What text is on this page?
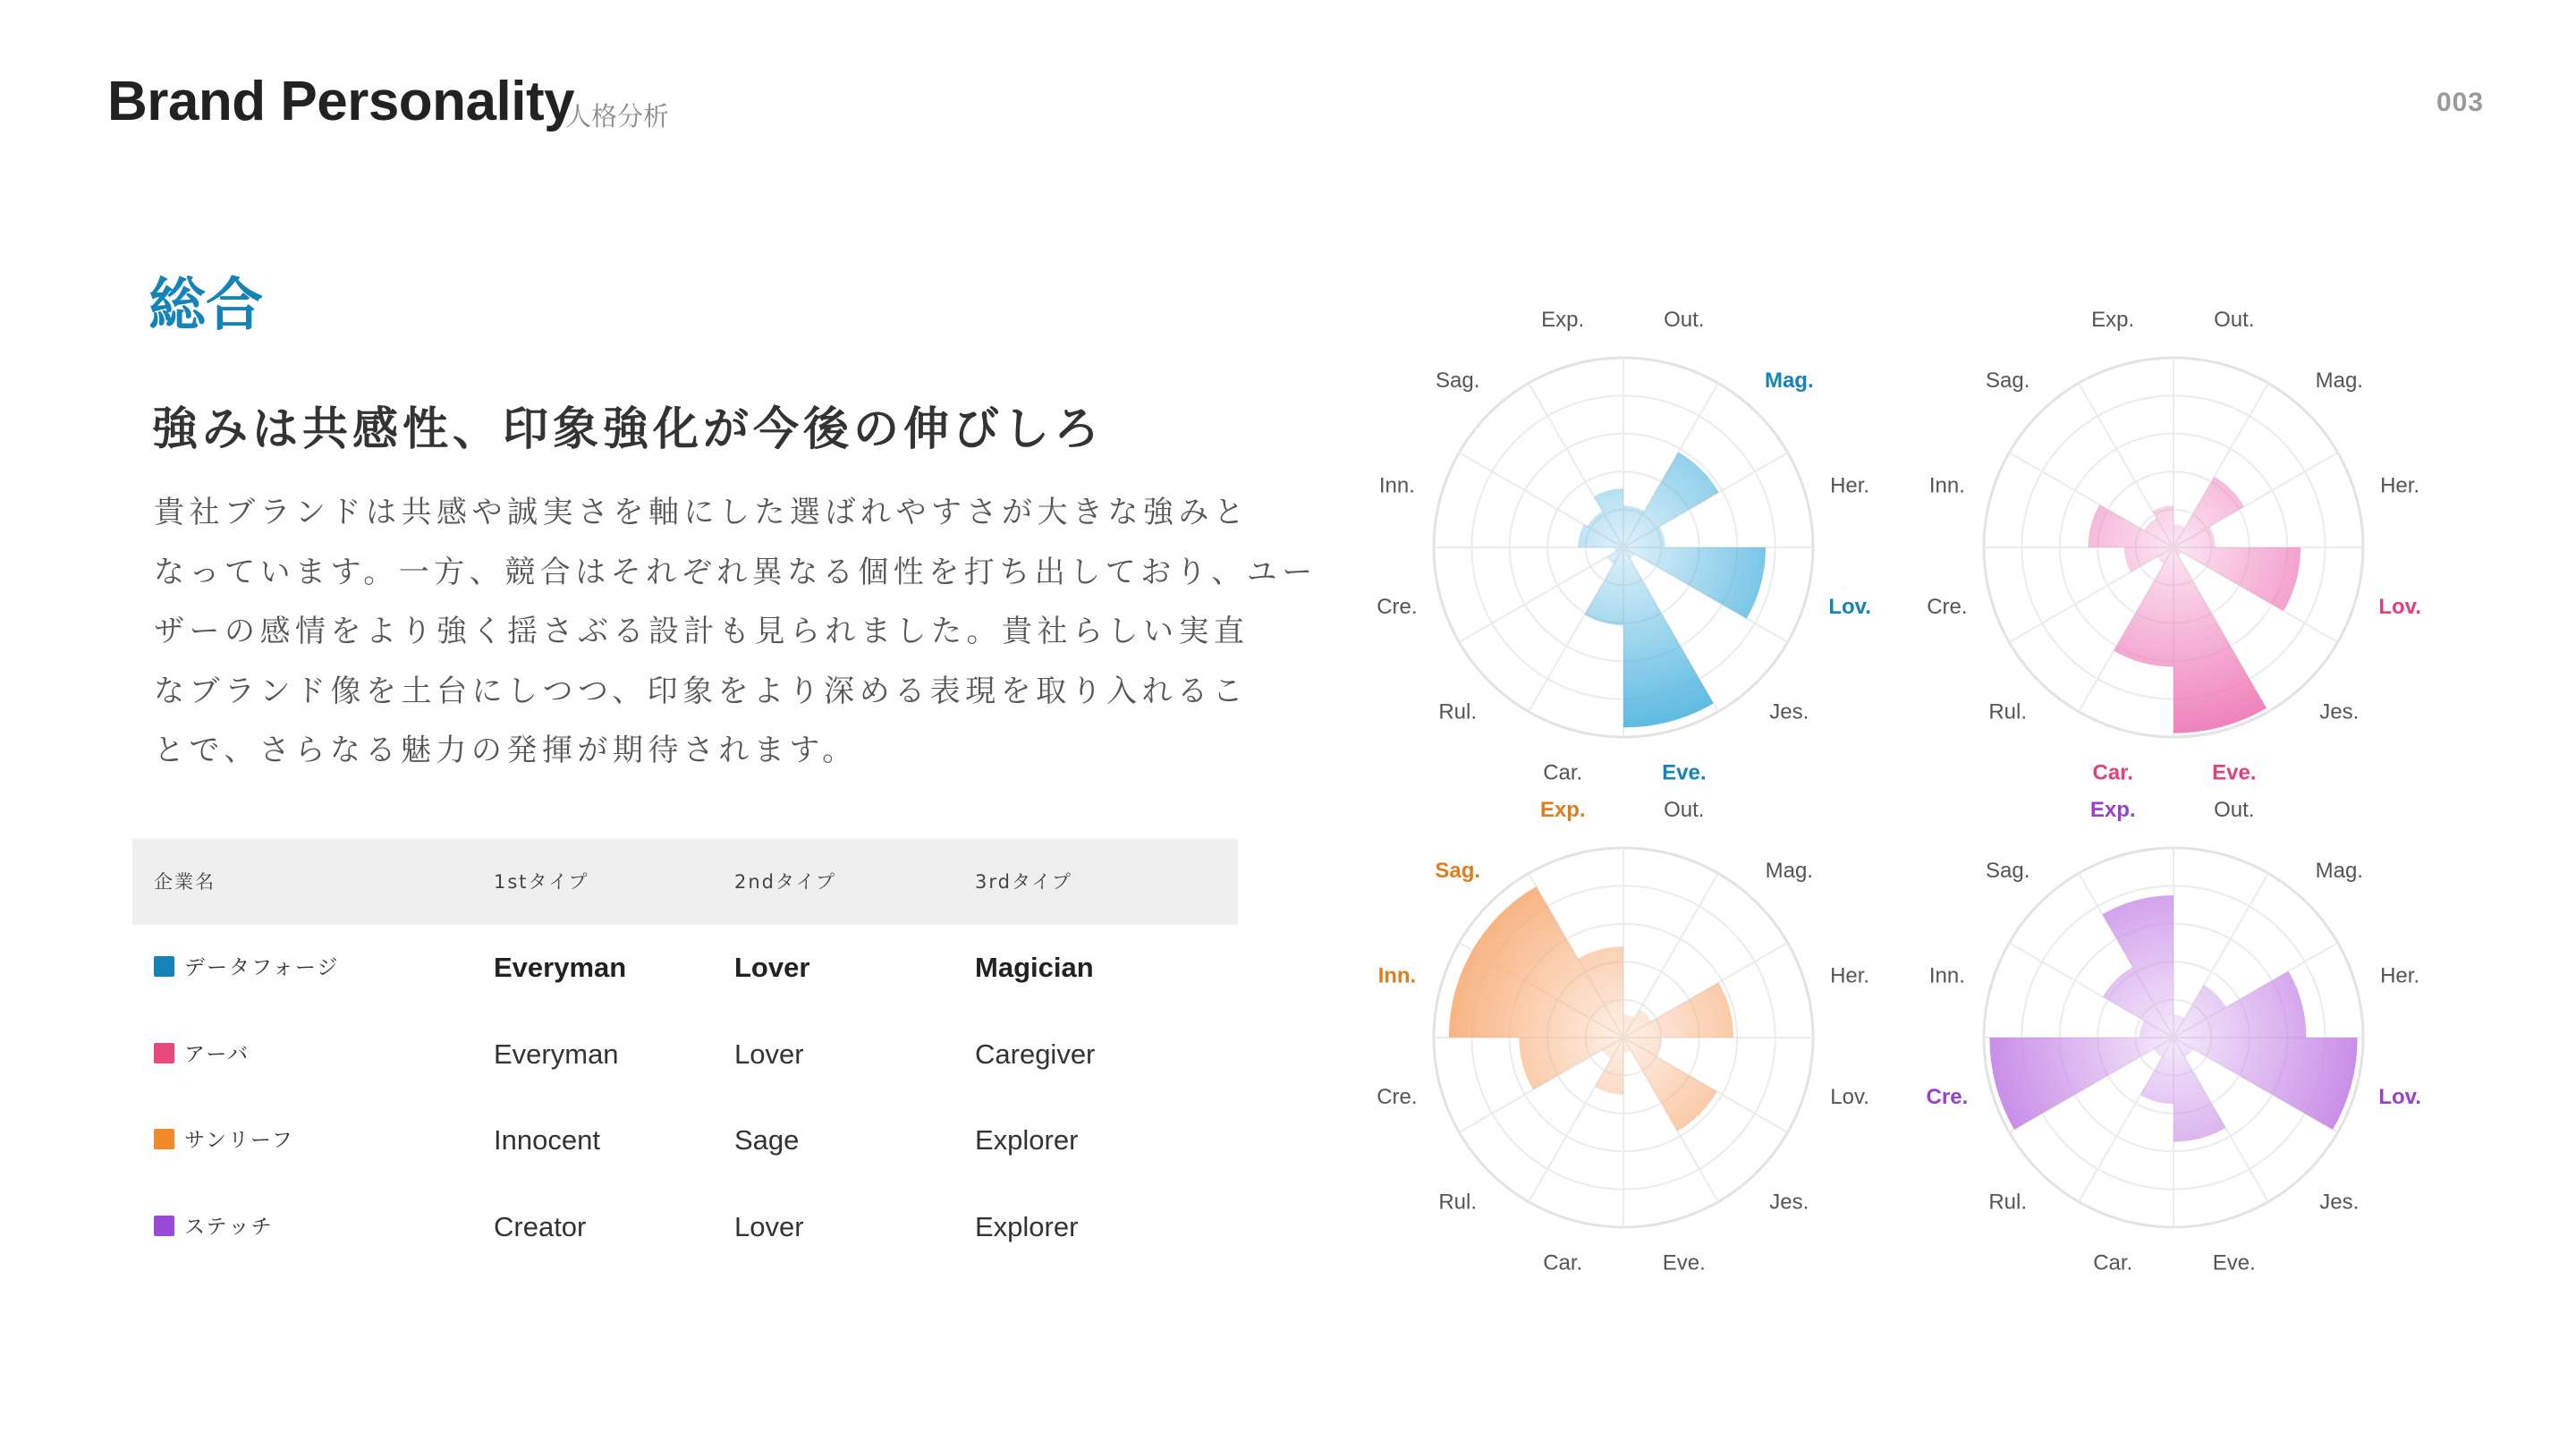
Brand Personality
人格分析	003
総合
強みは共感性、印象強化が今後の伸びしろ

貴社ブランドは共感や誠実さを軸にした選ばれやすさが大きな強みと

なっています。一方、競合はそれぞれ異なる個性を打ち出しており、ユー

ザーの感情をより強く揺さぶる設計も見られました。貴社らしい実直

なブランド像を土台にしつつ、印象をより深める表現を取り入れるこ

とで、さらなる魅力の発揮が期待されます。

企業名	1stタイプ	2ndタイプ	3rdタイプ
データフォージ	Everyman	Lover	Magician
アーバ	Everyman	Lover	Caregiver
サンリーフ	Innocent	Sage	Explorer
ステッチ	Creator	Lover	Explorer
Out.
Mag.
Her.
Lov.
Jes.
Eve.
Car.
Rul.
Cre.
Inn.
Sag.
Exp.	Out.
Mag.
Her.
Lov.
Jes.
Eve.
Car.
Rul.
Cre.
Inn.
Sag.
Exp.
Out.
Mag.
Her.
Lov.
Jes.
Eve.
Car.
Rul.
Cre.
Inn.
Sag.
Exp.	Out.
Mag.
Her.
Lov.
Jes.
Eve.
Car.
Rul.
Cre.
Inn.
Sag.
Exp.
